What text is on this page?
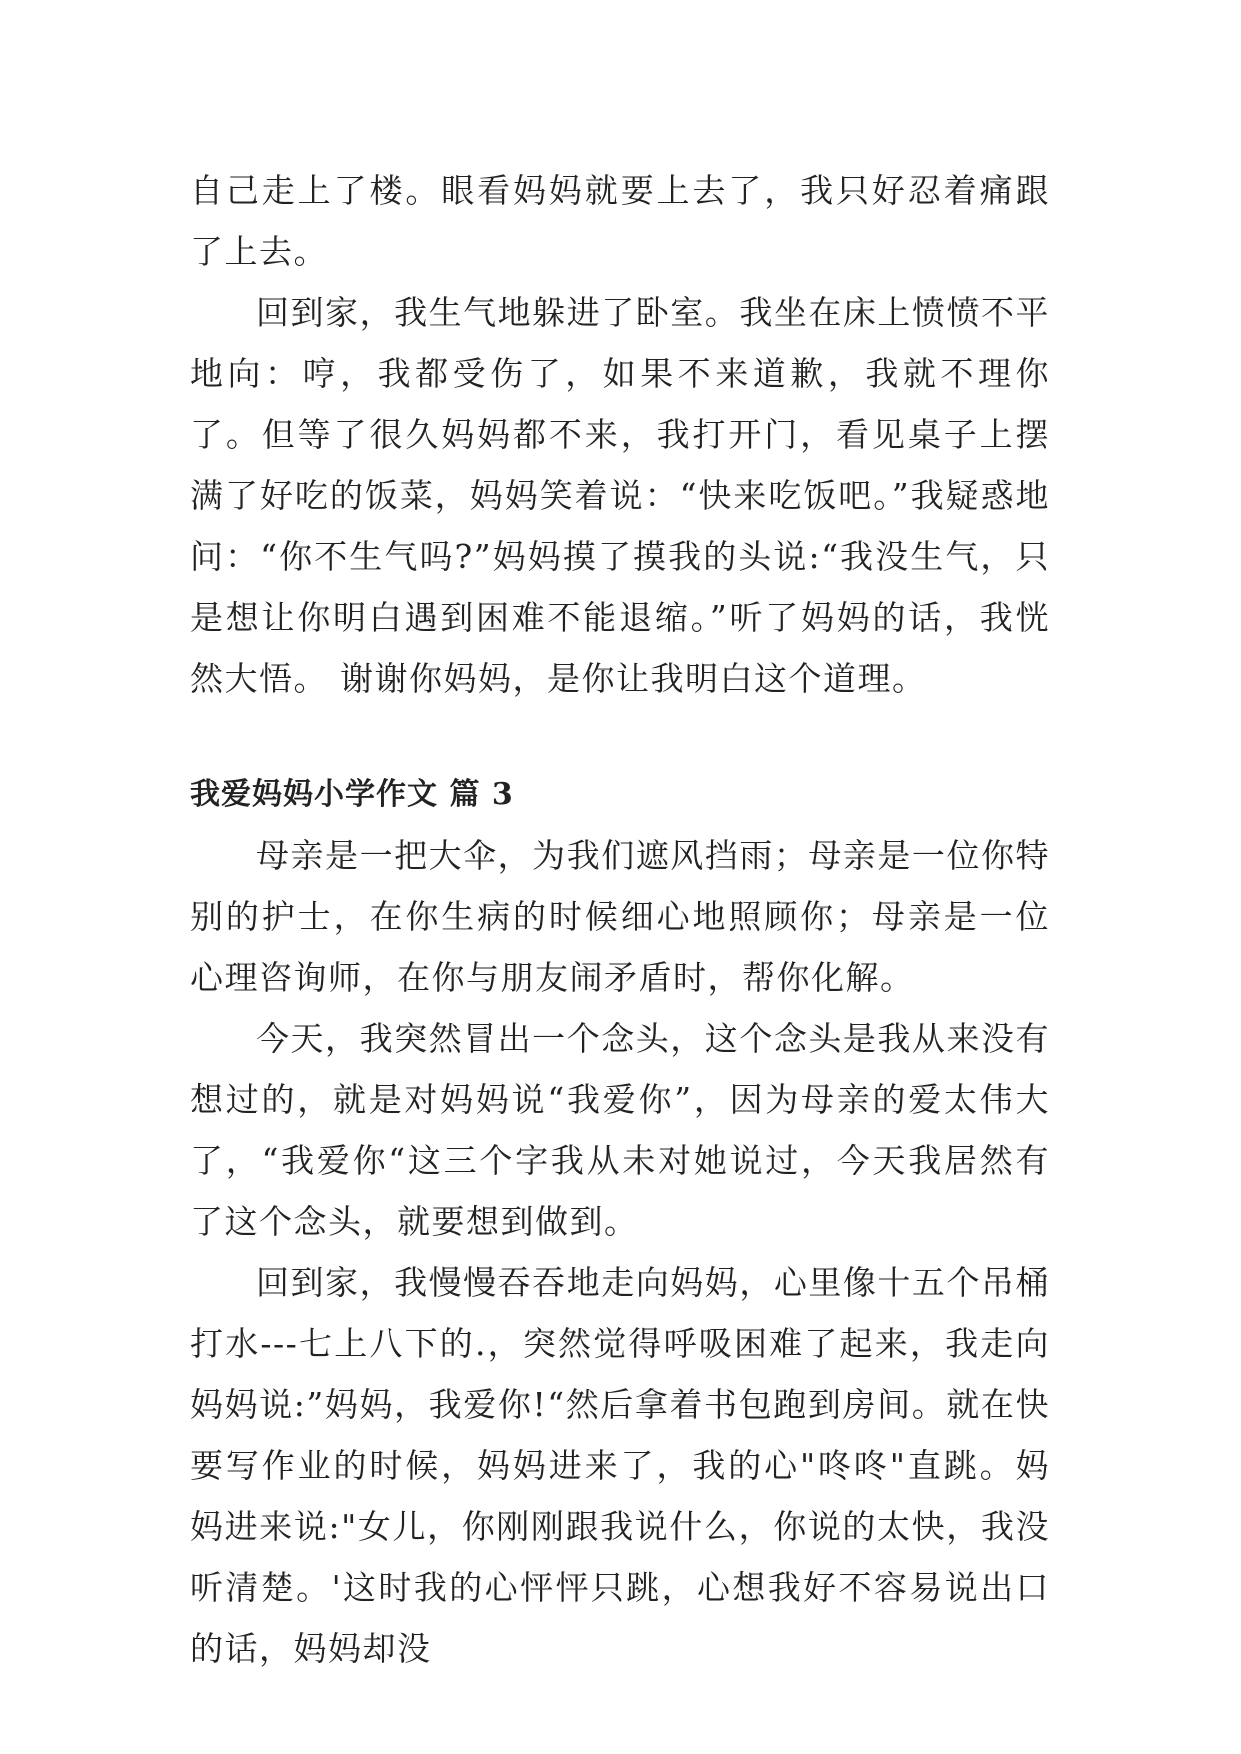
自己走上了楼。眼看妈妈就要上去了，我只好忍着痛跟了上去。

回到家，我生气地躲进了卧室。我坐在床上愤愤不平地向：哼，我都受伤了，如果不来道歉，我就不理你了。但等了很久妈妈都不来，我打开门，看见桌子上摆满了好吃的饭菜，妈妈笑着说：“快来吃饭吧。”我疑惑地问：“你不生气吗?”妈妈摸了摸我的头说:“我没生气，只是想让你明白遇到困难不能退缩。”听了妈妈的话，我恍然大悟。 谢谢你妈妈，是你让我明白这个道理。

我爱妈妈小学作文 篇 3

母亲是一把大伞，为我们遮风挡雨；母亲是一位你特别的护士，在你生病的时候细心地照顾你；母亲是一位心理咨询师，在你与朋友闹矛盾时，帮你化解。

今天，我突然冒出一个念头，这个念头是我从来没有想过的，就是对妈妈说“我爱你”，因为母亲的爱太伟大了，“我爱你“这三个字我从未对她说过，今天我居然有了这个念头，就要想到做到。

回到家，我慢慢吞吞地走向妈妈，心里像十五个吊桶打水---七上八下的.，突然觉得呼吸困难了起来，我走向妈妈说:”妈妈，我爱你!“然后拿着书包跑到房间。就在快要写作业的时候，妈妈进来了，我的心"咚咚"直跳。妈妈进来说:"女儿，你刚刚跟我说什么，你说的太快，我没听清楚。'这时我的心怦怦只跳，心想我好不容易说出口的话，妈妈却没
